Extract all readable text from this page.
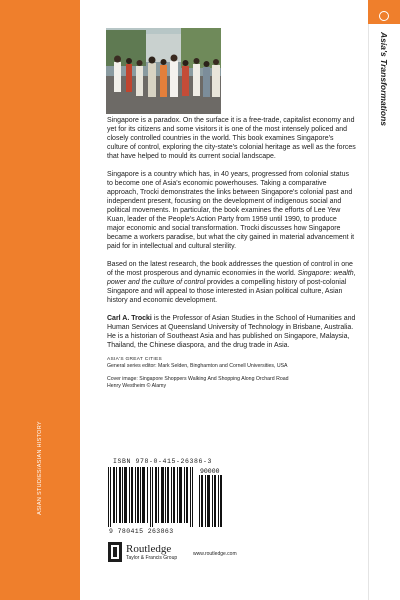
ASIAN STUDIES/ASIAN HISTORY
Asia's Transformations

Singapore is a paradox. On the surface it is a free-trade, capitalist economy and yet for its citizens and some visitors it is one of the most intensely policed and closely controlled countries in the world. This book examines Singapore's culture of control, exploring the city-state's colonial heritage as well as the forces that have helped to mould its current social landscape.

Singapore is a country which has, in 40 years, progressed from colonial status to become one of Asia's economic powerhouses. Taking a comparative approach, Trocki demonstrates the links between Singapore's colonial past and independent present, focusing on the development of indigenous social and political movements. In particular, the book examines the efforts of Lee Yew Kuan, leader of the People's Action Party from 1959 until 1990, to produce major economic and social transformation. Trocki discusses how Singapore became a workers paradise, but what the city gained in material advancement it paid for in intellectual and cultural sterility.

Based on the latest research, the book addresses the question of control in one of the most prosperous and dynamic economies in the world. Singapore: wealth, power and the culture of control provides a compelling history of post-colonial Singapore and will appeal to those interested in Asian political culture, Asian history and economic development.

Carl A. Trocki is the Professor of Asian Studies in the School of Humanities and Human Services at Queensland University of Technology in Brisbane, Australia. He is a historian of Southeast Asia and has published on Singapore, Malaysia, Thailand, the Chinese diaspora, and the drug trade in Asia.

ASIA'S GREAT CITIES
General series editor: Mark Selden, Binghamton and Cornell Universities, USA
Cover image: Singapore Shoppers Walking And Shopping Along Orchard Road
Henry Westheim © Alamy
ISBN 978-0-415-26386-3
90000
9 780415 263863
Routledge
Taylor & Francis Group
www.routledge.com
